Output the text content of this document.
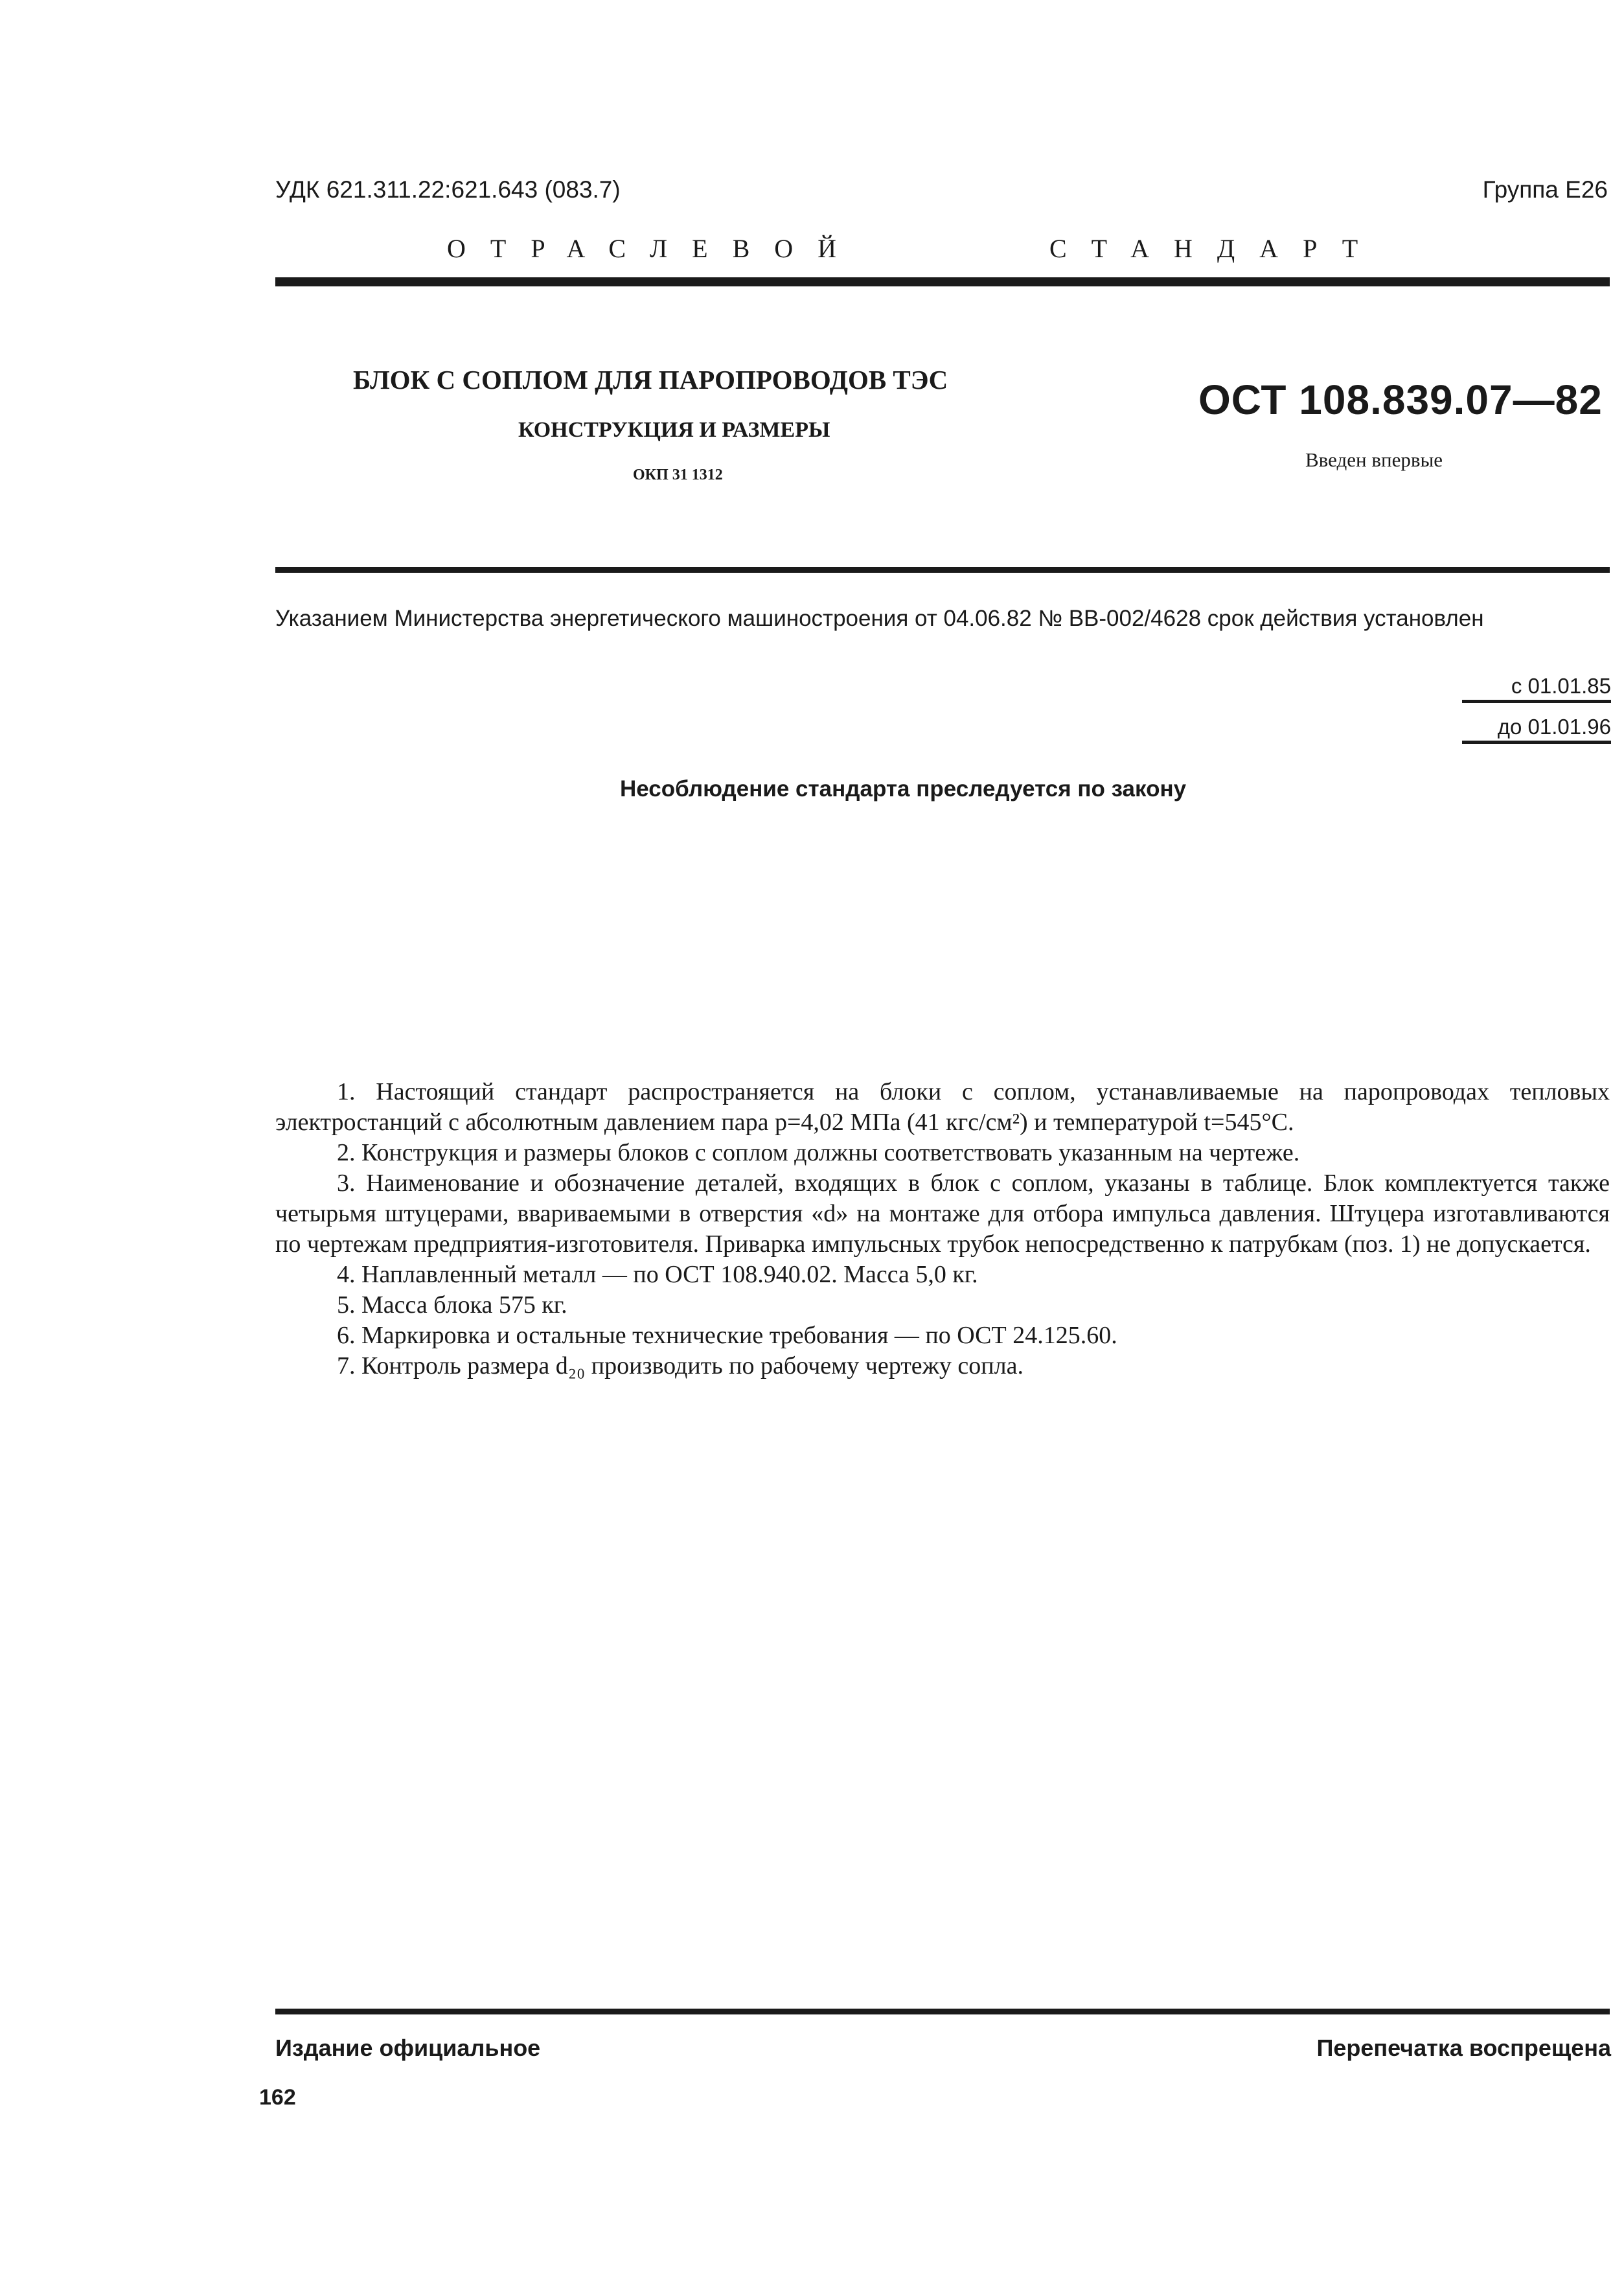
УДК 621.311.22:621.643 (083.7)	Группа Е26
ОТРАСЛЕВОЙ	СТАНДАРТ
БЛОК С СОПЛОМ ДЛЯ ПАРОПРОВОДОВ ТЭС
КОНСТРУКЦИЯ И РАЗМЕРЫ
ОКП 31 1312
ОСТ 108.839.07—82
Введен впервые
Указанием Министерства энергетического машиностроения от 04.06.82 № ВВ-002/4628 срок действия установлен
с 01.01.85
до 01.01.96
Несоблюдение стандарта преследуется по закону

1. Настоящий стандарт распространяется на блоки с соплом, устанавливаемые на паропроводах тепловых электростанций с абсолютным давлением пара p=4,02 МПа (41 кгс/см²) и температурой t=545°C.

2. Конструкция и размеры блоков с соплом должны соответствовать указанным на чертеже.

3. Наименование и обозначение деталей, входящих в блок с соплом, указаны в таблице. Блок комплектуется также четырьмя штуцерами, ввариваемыми в отверстия «d» на монтаже для отбора импульса давления. Штуцера изготавливаются по чертежам предприятия-изготовителя. Приварка импульсных трубок непосредственно к патрубкам (поз. 1) не допускается.

4. Наплавленный металл — по ОСТ 108.940.02. Масса 5,0 кг.

5. Масса блока 575 кг.

6. Маркировка и остальные технические требования — по ОСТ 24.125.60.

7. Контроль размера d₂₀ производить по рабочему чертежу сопла.

Издание официальное	Перепечатка воспрещена
162
